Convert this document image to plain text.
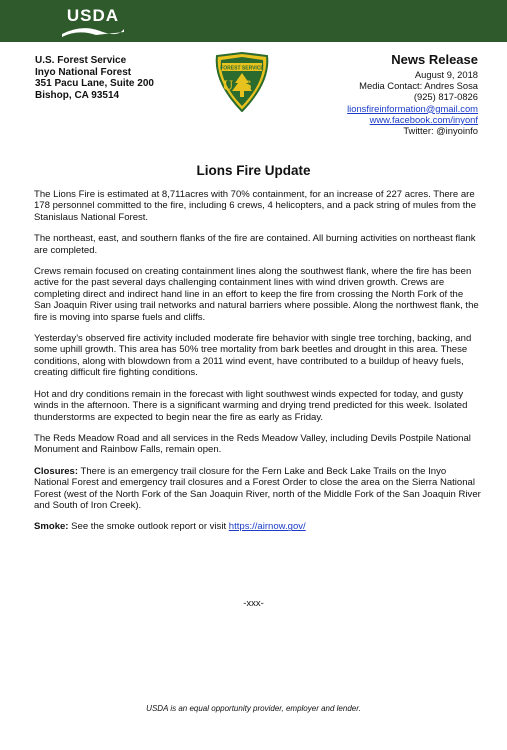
USDA
U.S. Forest Service
Inyo National Forest
351 Pacu Lane, Suite 200
Bishop, CA 93514
FOREST SERVICE
US
News Release
August 9, 2018
Media Contact: Andres Sosa
(925) 817-0826
lionsfireinformation@gmail.com
www.facebook.com/inyonf
Twitter: @inyoinfo
Lions Fire Update

The Lions Fire is estimated at 8,711acres with 70% containment, for an increase of 227 acres. There are 178 personnel committed to the fire, including 6 crews, 4 helicopters, and a pack string of mules from the Stanislaus National Forest.

The northeast, east, and southern flanks of the fire are contained. All burning activities on northeast flank are completed.

Crews remain focused on creating containment lines along the southwest flank, where the fire has been active for the past several days challenging containment lines with wind driven growth. Crews are completing direct and indirect hand line in an effort to keep the fire from crossing the North Fork of the San Joaquin River using trail networks and natural barriers where possible. Along the northwest flank, the fire is moving into sparse fuels and cliffs.

Yesterday’s observed fire activity included moderate fire behavior with single tree torching, backing, and some uphill growth. This area has 50% tree mortality from bark beetles and drought in this area. These conditions, along with blowdown from a 2011 wind event, have contributed to a buildup of heavy fuels, creating difficult fire fighting conditions.

Hot and dry conditions remain in the forecast with light southwest winds expected for today, and gusty winds in the afternoon. There is a significant warming and drying trend predicted for this week. Isolated thunderstorms are expected to begin near the fire as early as Friday.

The Reds Meadow Road and all services in the Reds Meadow Valley, including Devils Postpile National Monument and Rainbow Falls, remain open.

Closures: There is an emergency trail closure for the Fern Lake and Beck Lake Trails on the Inyo National Forest and emergency trail closures and a Forest Order to close the area on the Sierra National Forest (west of the North Fork of the San Joaquin River, north of the Middle Fork of the San Joaquin River and South of Iron Creek).

Smoke: See the smoke outlook report or visit https://airnow.gov/

-xxx-
USDA is an equal opportunity provider, employer and lender.
